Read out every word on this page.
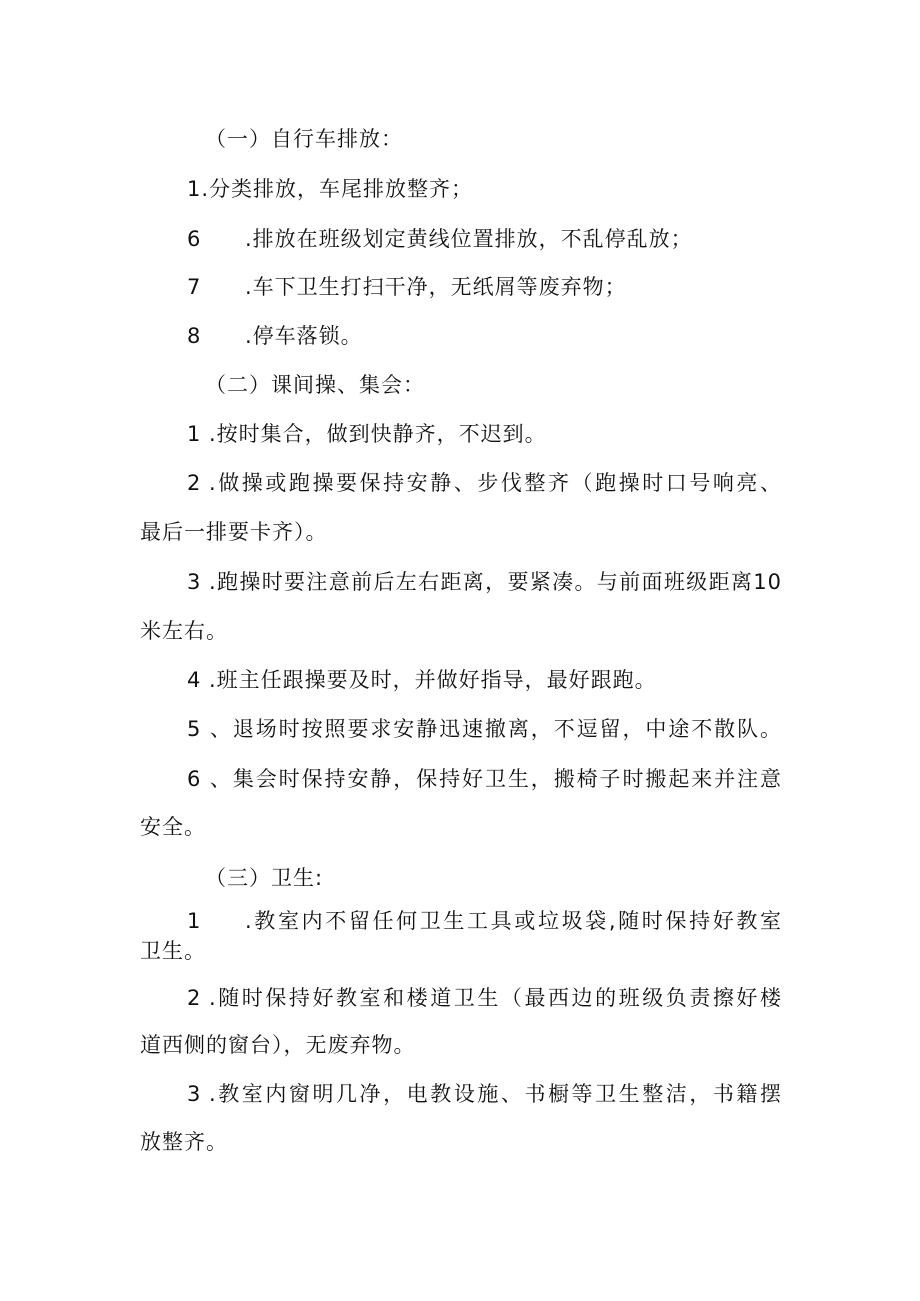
（一）自行车排放：
1.分类排放，车尾排放整齐；
6 .排放在班级划定黄线位置排放，不乱停乱放；
7 .车下卫生打扫干净，无纸屑等废弃物；
8 .停车落锁。
（二）课间操、集会：
1 .按时集合，做到快静齐，不迟到。
2 .做操或跑操要保持安静、步伐整齐（跑操时口号响亮、
最后一排要卡齐）。
3 .跑操时要注意前后左右距离，要紧凑。与前面班级距离10
米左右。
4 .班主任跟操要及时，并做好指导，最好跟跑。
5 、退场时按照要求安静迅速撤离，不逗留，中途不散队。
6 、集会时保持安静，保持好卫生，搬椅子时搬起来并注意
安全。
（三）卫生:
1 .教室内不留任何卫生工具或垃圾袋,随时保持好教室
卫生。
2 .随时保持好教室和楼道卫生（最西边的班级负责擦好楼
道西侧的窗台），无废弃物。
3 .教室内窗明几净，电教设施、书橱等卫生整洁，书籍摆
放整齐。
